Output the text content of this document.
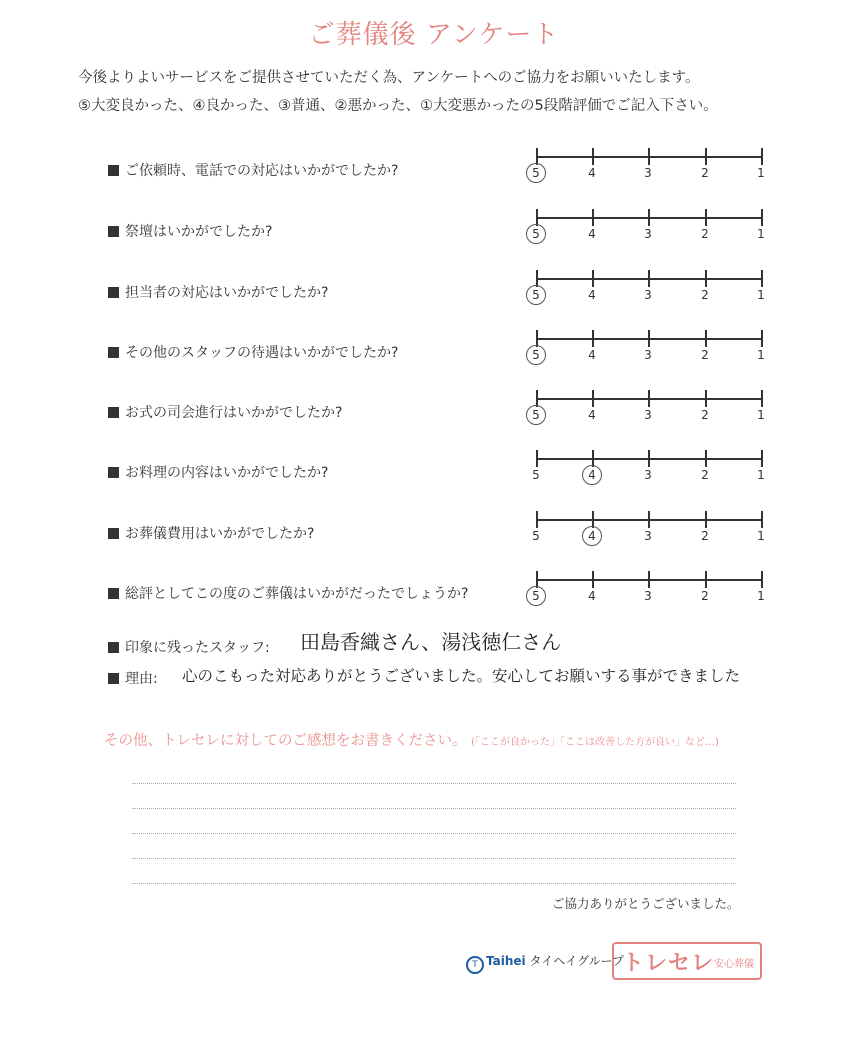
ご葬儀後 アンケート
今後よりよいサービスをご提供させていただく為、アンケートへのご協力をお願いいたします。
⑤大変良かった、④良かった、③普通、②悪かった、①大変悪かったの5段階評価でご記入下さい。
ご依頼時、電話での対応はいかがでしたか?	5	4	3	2	1
祭壇はいかがでしたか?	5	4	3	2	1
担当者の対応はいかがでしたか?	5	4	3	2	1
その他のスタッフの待遇はいかがでしたか?	5	4	3	2	1
お式の司会進行はいかがでしたか?	5	4	3	2	1
お料理の内容はいかがでしたか?	5	4	3	2	1
お葬儀費用はいかがでしたか?	5	4	3	2	1
総評としてこの度のご葬儀はいかがだったでしょうか?	5	4	3	2	1
印象に残ったスタッフ: 田島香織さん、湯浅徳仁さん
理由: 心のこもった対応ありがとうございました。安心してお願いする事ができました
その他、トレセレに対してのご感想をお書きください。 (「ここが良かった」「ここは改善した方が良い」など…)
ご協力ありがとうございました。
T Taihei タイヘイグループ
トレセレ 安心葬儀
